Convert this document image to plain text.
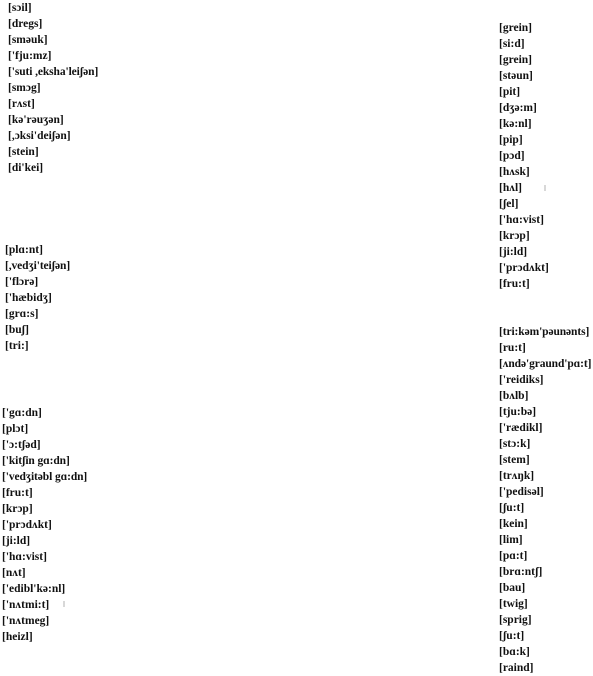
[sɔil]
[dregs]
[sməuk]
['fju:mz]
['suti ,eksha'leiʃən]
[smɔg]
[rʌst]
[kə'rəuʒən]
[,ɔksi'deiʃən]
[stein]
[di'kei]
[plɑ:nt]
[,vedʒi'teiʃən]
['flɔrə]
['hæbidʒ]
[grɑ:s]
[buʃ]
[tri:]
['gɑ:dn]
[plɔt]
['ɔ:tʃəd]
['kitʃin gɑ:dn]
['vedʒitəbl gɑ:dn]
[fru:t]
[krɔp]
['prɔdʌkt]
[ji:ld]
['hɑ:vist]
[nʌt]
['edibl'kə:nl]
['nʌtmi:t]
['nʌtmeg]
[heizl]
[grein]
[si:d]
[grein]
[stəun]
[pit]
[dʒə:m]
[kə:nl]
[pip]
[pɔd]
[hʌsk]
[hʌl]
[ʃel]
['hɑ:vist]
[krɔp]
[ji:ld]
['prɔdʌkt]
[fru:t]
[tri:kəm'pəunənts]
[ru:t]
[ʌndə'graund'pɑ:t]
['reidiks]
[bʌlb]
[tju:bə]
['rædikl]
[stɔ:k]
[stem]
[trʌŋk]
['pedisəl]
[ʃu:t]
[kein]
[lim]
[pɑ:t]
[brɑ:ntʃ]
[bau]
[twig]
[sprig]
[ʃu:t]
[bɑ:k]
[raind]
